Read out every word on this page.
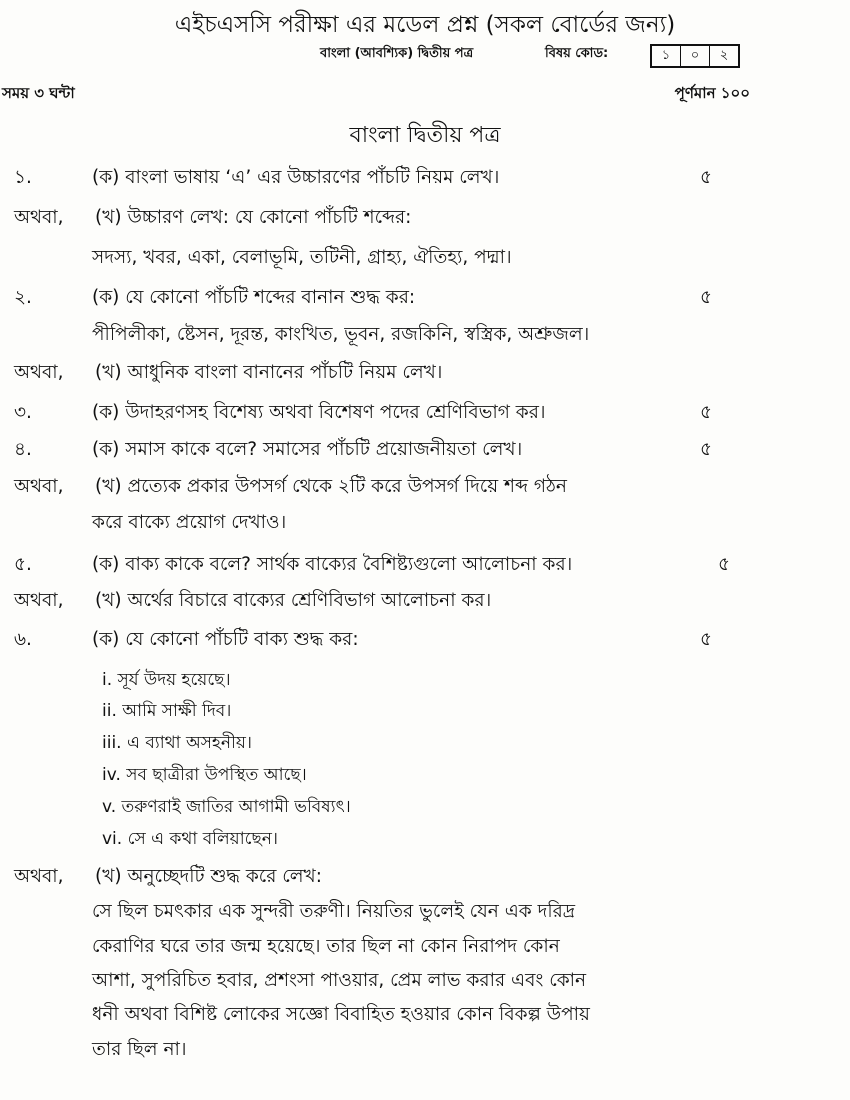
এইচএসসি পরীক্ষা এর মডেল প্রশ্ন (সকল বোর্ডের জন্য)
বাংলা (আবশ্যিক) দ্বিতীয় পত্র	বিষয় কোড:	১	০	২
সময় ৩ ঘন্টা	পূর্ণমান ১০০
বাংলা দ্বিতীয় পত্র
১.	(ক) বাংলা ভাষায় ‘এ’ এর উচ্চারণের পাঁচটি নিয়ম লেখ।	৫
অথবা, (খ) উচ্চারণ লেখ: যে কোনো পাঁচটি শব্দের:
সদস্য, খবর, একা, বেলাভূমি, তটিনী, গ্রাহ্য, ঐতিহ্য, পদ্মা।
২.	(ক) যে কোনো পাঁচটি শব্দের বানান শুদ্ধ কর:	৫
পীপিলীকা, ষ্টেসন, দূরন্ত, কাংখিত, ভূবন, রজকিনি, স্বস্ত্রিক, অশ্রুজল।
অথবা, (খ) আধুনিক বাংলা বানানের পাঁচটি নিয়ম লেখ।
৩.	(ক) উদাহরণসহ বিশেষ্য অথবা বিশেষণ পদের শ্রেণিবিভাগ কর।	৫
৪.	(ক) সমাস কাকে বলে? সমাসের পাঁচটি প্রয়োজনীয়তা লেখ।	৫
অথবা, (খ) প্রত্যেক প্রকার উপসর্গ থেকে ২টি করে উপসর্গ দিয়ে শব্দ গঠন
করে বাক্যে প্রয়োগ দেখাও।
৫.	(ক) বাক্য কাকে বলে? সার্থক বাক্যের বৈশিষ্ট্যগুলো আলোচনা কর।	৫
অথবা, (খ) অর্থের বিচারে বাক্যের শ্রেণিবিভাগ আলোচনা কর।
৬.	(ক) যে কোনো পাঁচটি বাক্য শুদ্ধ কর:	৫
i. সূর্য উদয় হয়েছে।
ii. আমি সাক্ষী দিব।
iii. এ ব্যাথা অসহনীয়।
iv. সব ছাত্রীরা উপস্থিত আছে।
v. তরুণরাই জাতির আগামী ভবিষ্যৎ।
vi. সে এ কথা বলিয়াছেন।
অথবা, (খ) অনুচ্ছেদটি শুদ্ধ করে লেখ:
সে ছিল চমৎকার এক সুন্দরী তরুণী। নিয়তির ভুলেই যেন এক দরিদ্র
কেরাণির ঘরে তার জন্ম হয়েছে। তার ছিল না কোন নিরাপদ কোন
আশা, সুপরিচিত হবার, প্রশংসা পাওয়ার, প্রেম লাভ করার এবং কোন
ধনী অথবা বিশিষ্ট লোকের সজ্ঞো বিবাহিত হওয়ার কোন বিকল্প উপায়
তার ছিল না।
